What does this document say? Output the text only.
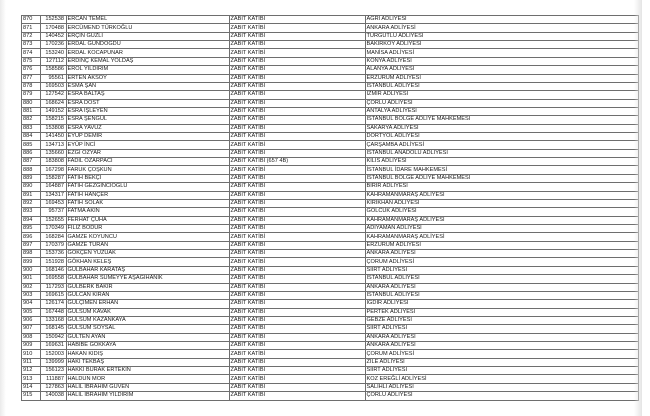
870	152538	ERCAN TEMEL	ZABIT KATİBİ	AĞRI ADLİYESİ
871	170488	ERCÜMEND TÜRKOĞLU	ZABIT KATİBİ	ANKARA ADLİYESİ
872	140452	ERÇİN GÜZLİ	ZABIT KATİBİ	TURGUTLU ADLİYESİ
873	170236	ERDAL GÜNDOĞDU	ZABIT KATİBİ	BAKIRKÖY ADLİYESİ
874	153240	ERDAL KOCAPUNAR	ZABIT KATİBİ	MANİSA ADLİYESİ
875	127112	ERDİNÇ KEMAL YOLDAŞ	ZABIT KATİBİ	KONYA ADLİYESİ
876	158586	EROL YILDIRIM	ZABIT KATİBİ	ALANYA ADLİYESİ
877	95561	ERTEN AKSOY	ZABIT KATİBİ	ERZURUM ADLİYESİ
878	169503	ESMA ŞAN	ZABIT KATİBİ	İSTANBUL ADLİYESİ
879	127542	ESRA BALTAŞ	ZABIT KATİBİ	İZMİR ADLİYESİ
880	168624	ESRA DOST	ZABIT KATİBİ	ÇORLU ADLİYESİ
881	149152	ESRA İŞLEYEN	ZABIT KATİBİ	ANTALYA ADLİYESİ
882	158215	ESRA ŞENGÜL	ZABIT KATİBİ	İSTANBUL BÖLGE ADLİYE MAHKEMESİ
883	153808	ESRA YAVUZ	ZABIT KATİBİ	SAKARYA ADLİYESİ
884	141450	EYÜP DEMİR	ZABIT KATİBİ	DÖRTYOL ADLİYESİ
885	134713	EYÜP İNCİ	ZABIT KATİBİ	ÇARŞAMBA ADLİYESİ
886	135660	EZGİ ÖZYAR	ZABIT KATİBİ	İSTANBUL ANADOLU ADLİYESİ
887	183808	FADIL ÖZARPACI	ZABIT KATİBİ (657 4B)	KİLİS ADLİYESİ
888	167298	FARUK ÇOŞKUN	ZABIT KATİBİ	İSTANBUL İDARE MAHKEMESİ
889	158287	FATİH BEKÇİ	ZABIT KATİBİ	İSTANBUL BÖLGE ADLİYE MAHKEMESİ
890	164887	FATİH GEZGİNCİOĞLU	ZABIT KATİBİ	BİRİR ADLİYESİ
891	134317	FATİH HANÇER	ZABIT KATİBİ	KAHRAMANMARAŞ ADLİYESİ
892	169453	FATİH SOLAK	ZABIT KATİBİ	KIRIKHAN ADLİYESİ
893	95737	FATMA AKIN	ZABIT KATİBİ	GÖLCÜK ADLİYESİ
894	152655	FERHAT ÇUHA	ZABIT KATİBİ	KAHRAMANMARAŞ ADLİYESİ
895	170349	FİLİZ BODUR	ZABIT KATİBİ	ADIYAMAN ADLİYESİ
896	168284	GAMZE KOYUNCU	ZABIT KATİBİ	KAHRAMANMARAŞ ADLİYESİ
897	170379	GAMZE TURAN	ZABIT KATİBİ	ERZURUM ADLİYESİ
898	153736	GÖKÇEN YÜZÜAK	ZABIT KATİBİ	ANKARA ADLİYESİ
899	151928	GÖKHAN KELEŞ	ZABIT KATİBİ	ÇORUM ADLİYESİ
900	168146	GÜLBAHAR KARATAŞ	ZABIT KATİBİ	SİİRT ADLİYESİ
901	169558	GÜLBAHAR SÜMEYYE AŞAĞIHANİK	ZABIT KATİBİ	İSTANBUL ADLİYESİ
902	117293	GÜLBERK BAKIR	ZABIT KATİBİ	ANKARA ADLİYESİ
903	169615	GÜLCAN KIRAN	ZABIT KATİBİ	İSTANBUL ADLİYESİ
904	126174	GÜLÇİMEN ERHAN	ZABIT KATİBİ	IĞDIR ADLİYESİ
905	167448	GÜLSÜM KAVAK	ZABIT KATİBİ	PERTEK ADLİYESİ
906	133168	GÜLSÜM KAZANKAYA	ZABIT KATİBİ	GEBZE ADLİYESİ
907	168145	GÜLSÜM SOYSAL	ZABIT KATİBİ	SİİRT ADLİYESİ
908	150942	GÜLTEN AYAN	ZABIT KATİBİ	ANKARA ADLİYESİ
909	169631	HABİBE GÖKKAYA	ZABIT KATİBİ	ANKARA ADLİYESİ
910	152003	HAKAN KIDIŞ	ZABIT KATİBİ	ÇORUM ADLİYESİ
911	139999	HAKİ TEKBAŞ	ZABIT KATİBİ	ZİLE ADLİYESİ
912	156123	HAKKI BURAK ERTEKİN	ZABIT KATİBİ	SİİRT ADLİYESİ
913	111887	HALDUN MOR	ZABIT KATİBİ	KOZ EREĞLİ ADLİYESİ
914	127863	HALİL İBRAHİM GÜVEN	ZABIT KATİBİ	SALİHLİ ADLİYESİ
915	140038	HALİL İBRAHİM YILDIRIM	ZABIT KATİBİ	ÇORLU ADLİYESİ
